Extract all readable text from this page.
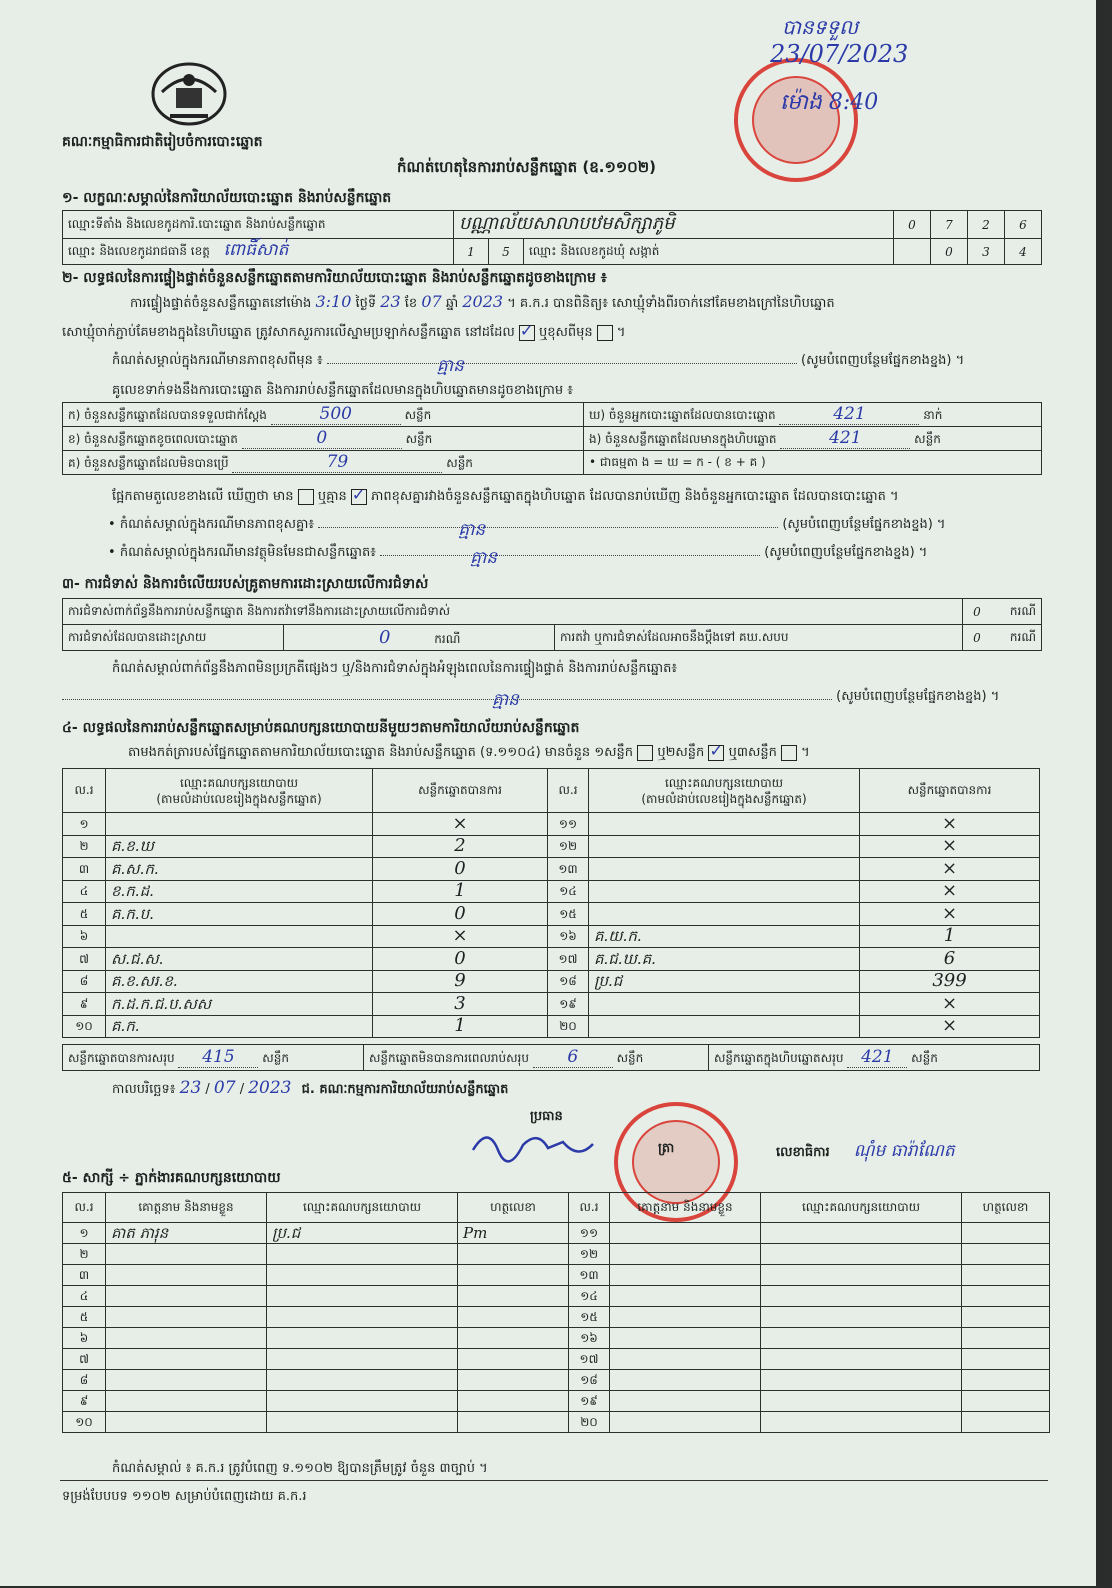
គណៈកម្មាធិការជាតិរៀបចំការបោះឆ្នោត
កំណត់ហេតុនៃការរាប់សន្លឹកឆ្នោត (ឧ.១១០២)
បានទទួល
23/07/2023
ម៉ោង 8:40
១- លក្ខណៈសម្គាល់នៃការិយាល័យបោះឆ្នោត និងរាប់សន្លឹកឆ្នោត
ឈ្មោះទីតាំង និងលេខកូដការិ.បោះឆ្នោត និងរាប់សន្លឹកឆ្នោត	បណ្ណាល័យសាលាបឋមសិក្សាភូមិ			0	7	2	6
ឈ្មោះ និងលេខកូដរាជធានី ខេត្ត ពោធិ៍សាត់	1	5	ឈ្មោះ និងលេខកូដឃុំ សង្កាត់		0	3	4
២- លទ្ធផលនៃការផ្ទៀងផ្ទាត់ចំនួនសន្លឹកឆ្នោតតាមការិយាល័យបោះឆ្នោត និងរាប់សន្លឹកឆ្នោតដូចខាងក្រោម ៖
ការផ្ទៀងផ្ទាត់ចំនួនសន្លឹកឆ្នោតនៅម៉ោង 3:10 ថ្ងៃទី 23 ខែ 07 ឆ្នាំ 2023 ។ គ.ក.រ បានពិនិត្យ៖ សោឃ្មុំទាំងពីរចាក់នៅគែមខាងក្រៅនៃហិបឆ្នោត
សោឃ្មុំចាក់ភ្ជាប់គែមខាងក្នុងនៃហិបឆ្នោត ត្រូវសាកសួរការលើស្នាមប្រឡាក់សន្លឹកឆ្នោត នៅដដែល ✓ ឬខុសពីមុន  ។
កំណត់សម្គាល់ក្នុងករណីមានភាពខុសពីមុន ៖	គ្មាន	(សូមបំពេញបន្ថែមផ្នែកខាងខ្នង) ។
គូលេខទាក់ទងនឹងការបោះឆ្នោត និងការរាប់សន្លឹកឆ្នោតដែលមានក្នុងហិបឆ្នោតមានដូចខាងក្រោម ៖
ក) ចំនួនសន្លឹកឆ្នោតដែលបានទទួលជាក់ស្តែង 500 សន្លឹក	ឃ) ចំនួនអ្នកបោះឆ្នោតដែលបានបោះឆ្នោត 421 នាក់
ខ) ចំនួនសន្លឹកឆ្នោតខូចពេលបោះឆ្នោត 0 សន្លឹក	ង) ចំនួនសន្លឹកឆ្នោតដែលមានក្នុងហិបឆ្នោត 421 សន្លឹក
គ) ចំនួនសន្លឹកឆ្នោតដែលមិនបានប្រើ 79 សន្លឹក	• ជាធម្មតា ង = ឃ = ក - ( ខ + គ )
ផ្អែកតាមតួលេខខាងលើ ឃើញថា មាន ឬគ្មាន ✓ ភាពខុសគ្នារវាងចំនួនសន្លឹកឆ្នោតក្នុងហិបឆ្នោត ដែលបានរាប់ឃើញ និងចំនួនអ្នកបោះឆ្នោត ដែលបានបោះឆ្នោត ។
• កំណត់សម្គាល់ក្នុងករណីមានភាពខុសគ្នា៖	គ្មាន	(សូមបំពេញបន្ថែមផ្នែកខាងខ្នង) ។
• កំណត់សម្គាល់ក្នុងករណីមានវត្ថុមិនមែនជាសន្លឹកឆ្នោត៖	គ្មាន	(សូមបំពេញបន្ថែមផ្នែកខាងខ្នង) ។
៣- ការជំទាស់ និងការចំលើយរបស់គ្រូតាមការដោះស្រាយលើការជំទាស់
ការជំទាស់ពាក់ព័ន្ធនឹងការរាប់សន្លឹកឆ្នោត និងការតវ៉ាទៅនឹងការដោះស្រាយលើការជំទាស់			0	ករណី
ការជំទាស់ដែលបានដោះស្រាយ	0 ករណី	ការតវ៉ា ឬការជំទាស់ដែលអាចនឹងប្ដឹងទៅ គឃ.សបប	0	ករណី
កំណត់សម្គាល់ពាក់ព័ន្ធនឹងភាពមិនប្រក្រតីផ្សេងៗ ឬ/និងការជំទាស់ក្នុងអំឡុងពេលនៃការផ្ទៀងផ្ទាត់ និងការរាប់សន្លឹកឆ្នោត៖
គ្មាន	(សូមបំពេញបន្ថែមផ្នែកខាងខ្នង) ។
៤- លទ្ធផលនៃការរាប់សន្លឹកឆ្នោតសម្រាប់គណបក្សនយោបាយនីមួយៗតាមការិយាល័យរាប់សន្លឹកឆ្នោត
តាមងកត់ត្រារបស់ផ្នែកឆ្នោតតាមការិយាល័យបោះឆ្នោត និងរាប់សន្លឹកឆ្នោត (ទ.១១០៤) មានចំនួន ១សន្លឹក ឬ២សន្លឹក ✓ ឬ៣សន្លឹក  ។
ល.រ	ឈ្មោះគណបក្សនយោបាយ
(តាមលំដាប់លេខរៀងក្នុងសន្លឹកឆ្នោត)	សន្លឹកឆ្នោតបានការ	ល.រ	ឈ្មោះគណបក្សនយោបាយ
(តាមលំដាប់លេខរៀងក្នុងសន្លឹកឆ្នោត)	សន្លឹកឆ្នោតបានការ
១		×	១១		×
២	គ.ខ.ឃ	2	១២		×
៣	គ.ស.ក.	0	១៣		×
៤	ខ.ក.ដ.	1	១៤		×
៥	គ.ក.ប.	0	១៥		×
៦		×	១៦	គ.យ.ក.	1
៧	ស.ជ.ស.	0	១៧	គ.ជ.ឃ.គ.	6
៨	គ.ខ.សរ.ខ.	9	១៨	ប្រ.ជ	399
៩	ក.ដ.ក.ជ.ប.សស	3	១៩		×
១០	គ.ក.	1	២០		×
សន្លឹកឆ្នោតបានការសរុប 415 សន្លឹក	សន្លឹកឆ្នោតមិនបានការពេលរាប់សរុប 6	សន្លឹក	សន្លឹកឆ្នោតក្នុងហិបឆ្នោតសរុប 421 សន្លឹក
កាលបរិច្ឆេទ៖ 23 / 07 / 2023 ជ. គណៈកម្មការការិយាល័យរាប់សន្លឹកឆ្នោត
ប្រធាន
ត្រា	លេខាធិការ ណុំម ធារ៉ាណែត
៥- សាក្សី ÷ ភ្នាក់ងារគណបក្សនយោបាយ
ល.រ	គោត្តនាម និងនាមខ្លួន	ឈ្មោះគណបក្សនយោបាយ	ហត្ថលេខា	ល.រ	គោត្តនាម និងនាមខ្លួន	ឈ្មោះគណបក្សនយោបាយ	ហត្ថលេខា
១	គាត ភារុន	ប្រ.ជ	Pm	១១			
២				១២			
៣				១៣			
៤				១៤			
៥				១៥			
៦				១៦			
៧				១៧			
៨				១៨			
៩				១៩			
១០				២០			
កំណត់សម្គាល់ ៖ គ.ក.រ ត្រូវបំពេញ ទ.១១០២ ឱ្យបានត្រឹមត្រូវ ចំនួន ៣ច្បាប់ ។
ទម្រង់បែបបទ ១១០២ សម្រាប់បំពេញដោយ គ.ក.រ
